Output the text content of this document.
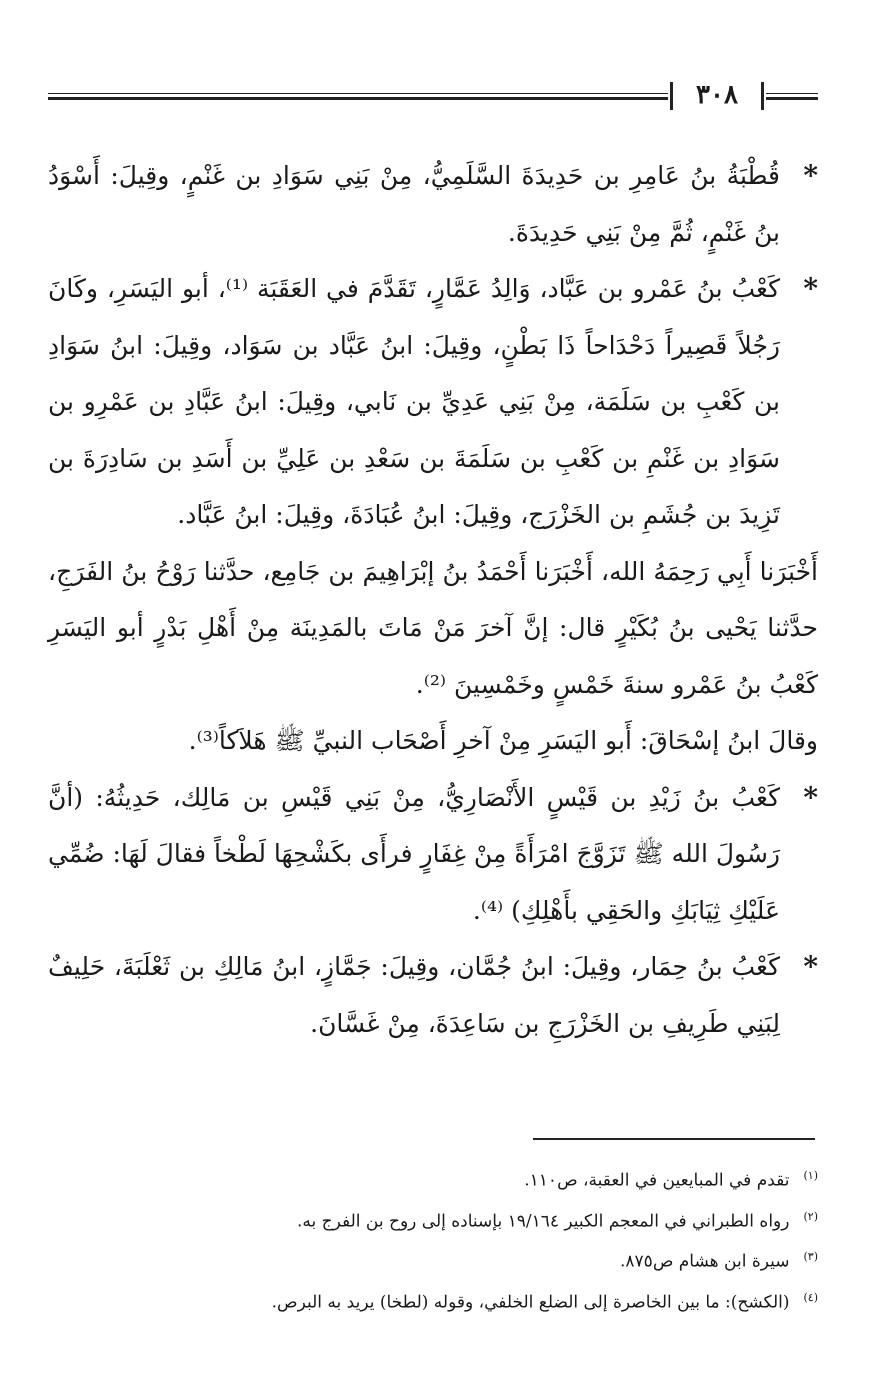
٣٠٨
*
قُطْبَةُ بنُ عَامِرِ بن حَدِيدَةَ السَّلَمِيُّ، مِنْ بَنِي سَوَادِ بن غَنْمٍ، وقِيلَ: أَسْوَدُ بنُ غَنْمٍ، ثُمَّ مِنْ بَنِي حَدِيدَةَ.
*
كَعْبُ بنُ عَمْرو بن عَبَّاد، وَالِدُ عَمَّارٍ، تَقَدَّمَ في العَقَبَة ⁽¹⁾، أبو اليَسَرِ، وكَانَ رَجُلاً قَصِيراً دَحْدَاحاً ذَا بَطْنٍ، وقِيلَ: ابنُ عَبَّاد بن سَوَاد، وقِيلَ: ابنُ سَوَادِ بن كَعْبِ بن سَلَمَة، مِنْ بَنِي عَدِيِّ بن نَابي، وقِيلَ: ابنُ عَبَّادِ بن عَمْرِو بن سَوَادِ بن غَنْمِ بن كَعْبِ بن سَلَمَةَ بن سَعْدِ بن عَلِيِّ بن أَسَدِ بن سَادِرَةَ بن تَزِيدَ بن جُشَمِ بن الخَزْرَج، وقِيلَ: ابنُ عُبَادَةَ، وقِيلَ: ابنُ عَبَّاد.

أَخْبَرَنا أَبِي رَحِمَهُ الله، أَخْبَرَنا أَحْمَدُ بنُ إبْرَاهِيمَ بن جَامِع، حدَّثنا رَوْحُ بنُ الفَرَجِ، حدَّثنا يَحْيى بنُ بُكَيْرٍ قال: إنَّ آخرَ مَنْ مَاتَ بالمَدِينَة مِنْ أَهْلِ بَدْرٍ أبو اليَسَرِ كَعْبُ بنُ عَمْرو سنةَ خَمْسٍ وخَمْسِينَ ⁽²⁾.

وقالَ ابنُ إسْحَاقَ: أَبو اليَسَرِ مِنْ آخرِ أَصْحَاب النبيِّ ﷺ هَلاَكاً⁽³⁾.

*
كَعْبُ بنُ زَيْدِ بن قَيْسٍ الأَنْصَارِيُّ، مِنْ بَنِي قَيْسِ بن مَالِك، حَدِيثُهُ: (أنَّ رَسُولَ الله ﷺ تَزَوَّجَ امْرَأَةً مِنْ غِفَارٍ فرأَى بكَشْحِهَا لَطْخاً فقالَ لَهَا: ضُمِّي عَلَيْكِ ثِيَابَكِ والحَقِي بأَهْلِكِ) ⁽⁴⁾.
*
كَعْبُ بنُ حِمَار، وقِيلَ: ابنُ جُمَّان، وقِيلَ: جَمَّازٍ، ابنُ مَالِكِ بن ثَعْلَبَةَ، حَلِيفٌ لِبَنِي طَرِيفِ بن الخَزْرَجِ بن سَاعِدَةَ، مِنْ غَسَّانَ.

$^{(١)}$تقدم في المبايعين في العقبة، ص١١٠.

$^{(٢)}$رواه الطبراني في المعجم الكبير ١٩/١٦٤ بإسناده إلى روح بن الفرج به.

$^{(٣)}$سيرة ابن هشام ص٨٧٥.

$^{(٤)}$(الكشح): ما بين الخاصرة إلى الضلع الخلفي، وقوله (لطخا) يريد به البرص.
